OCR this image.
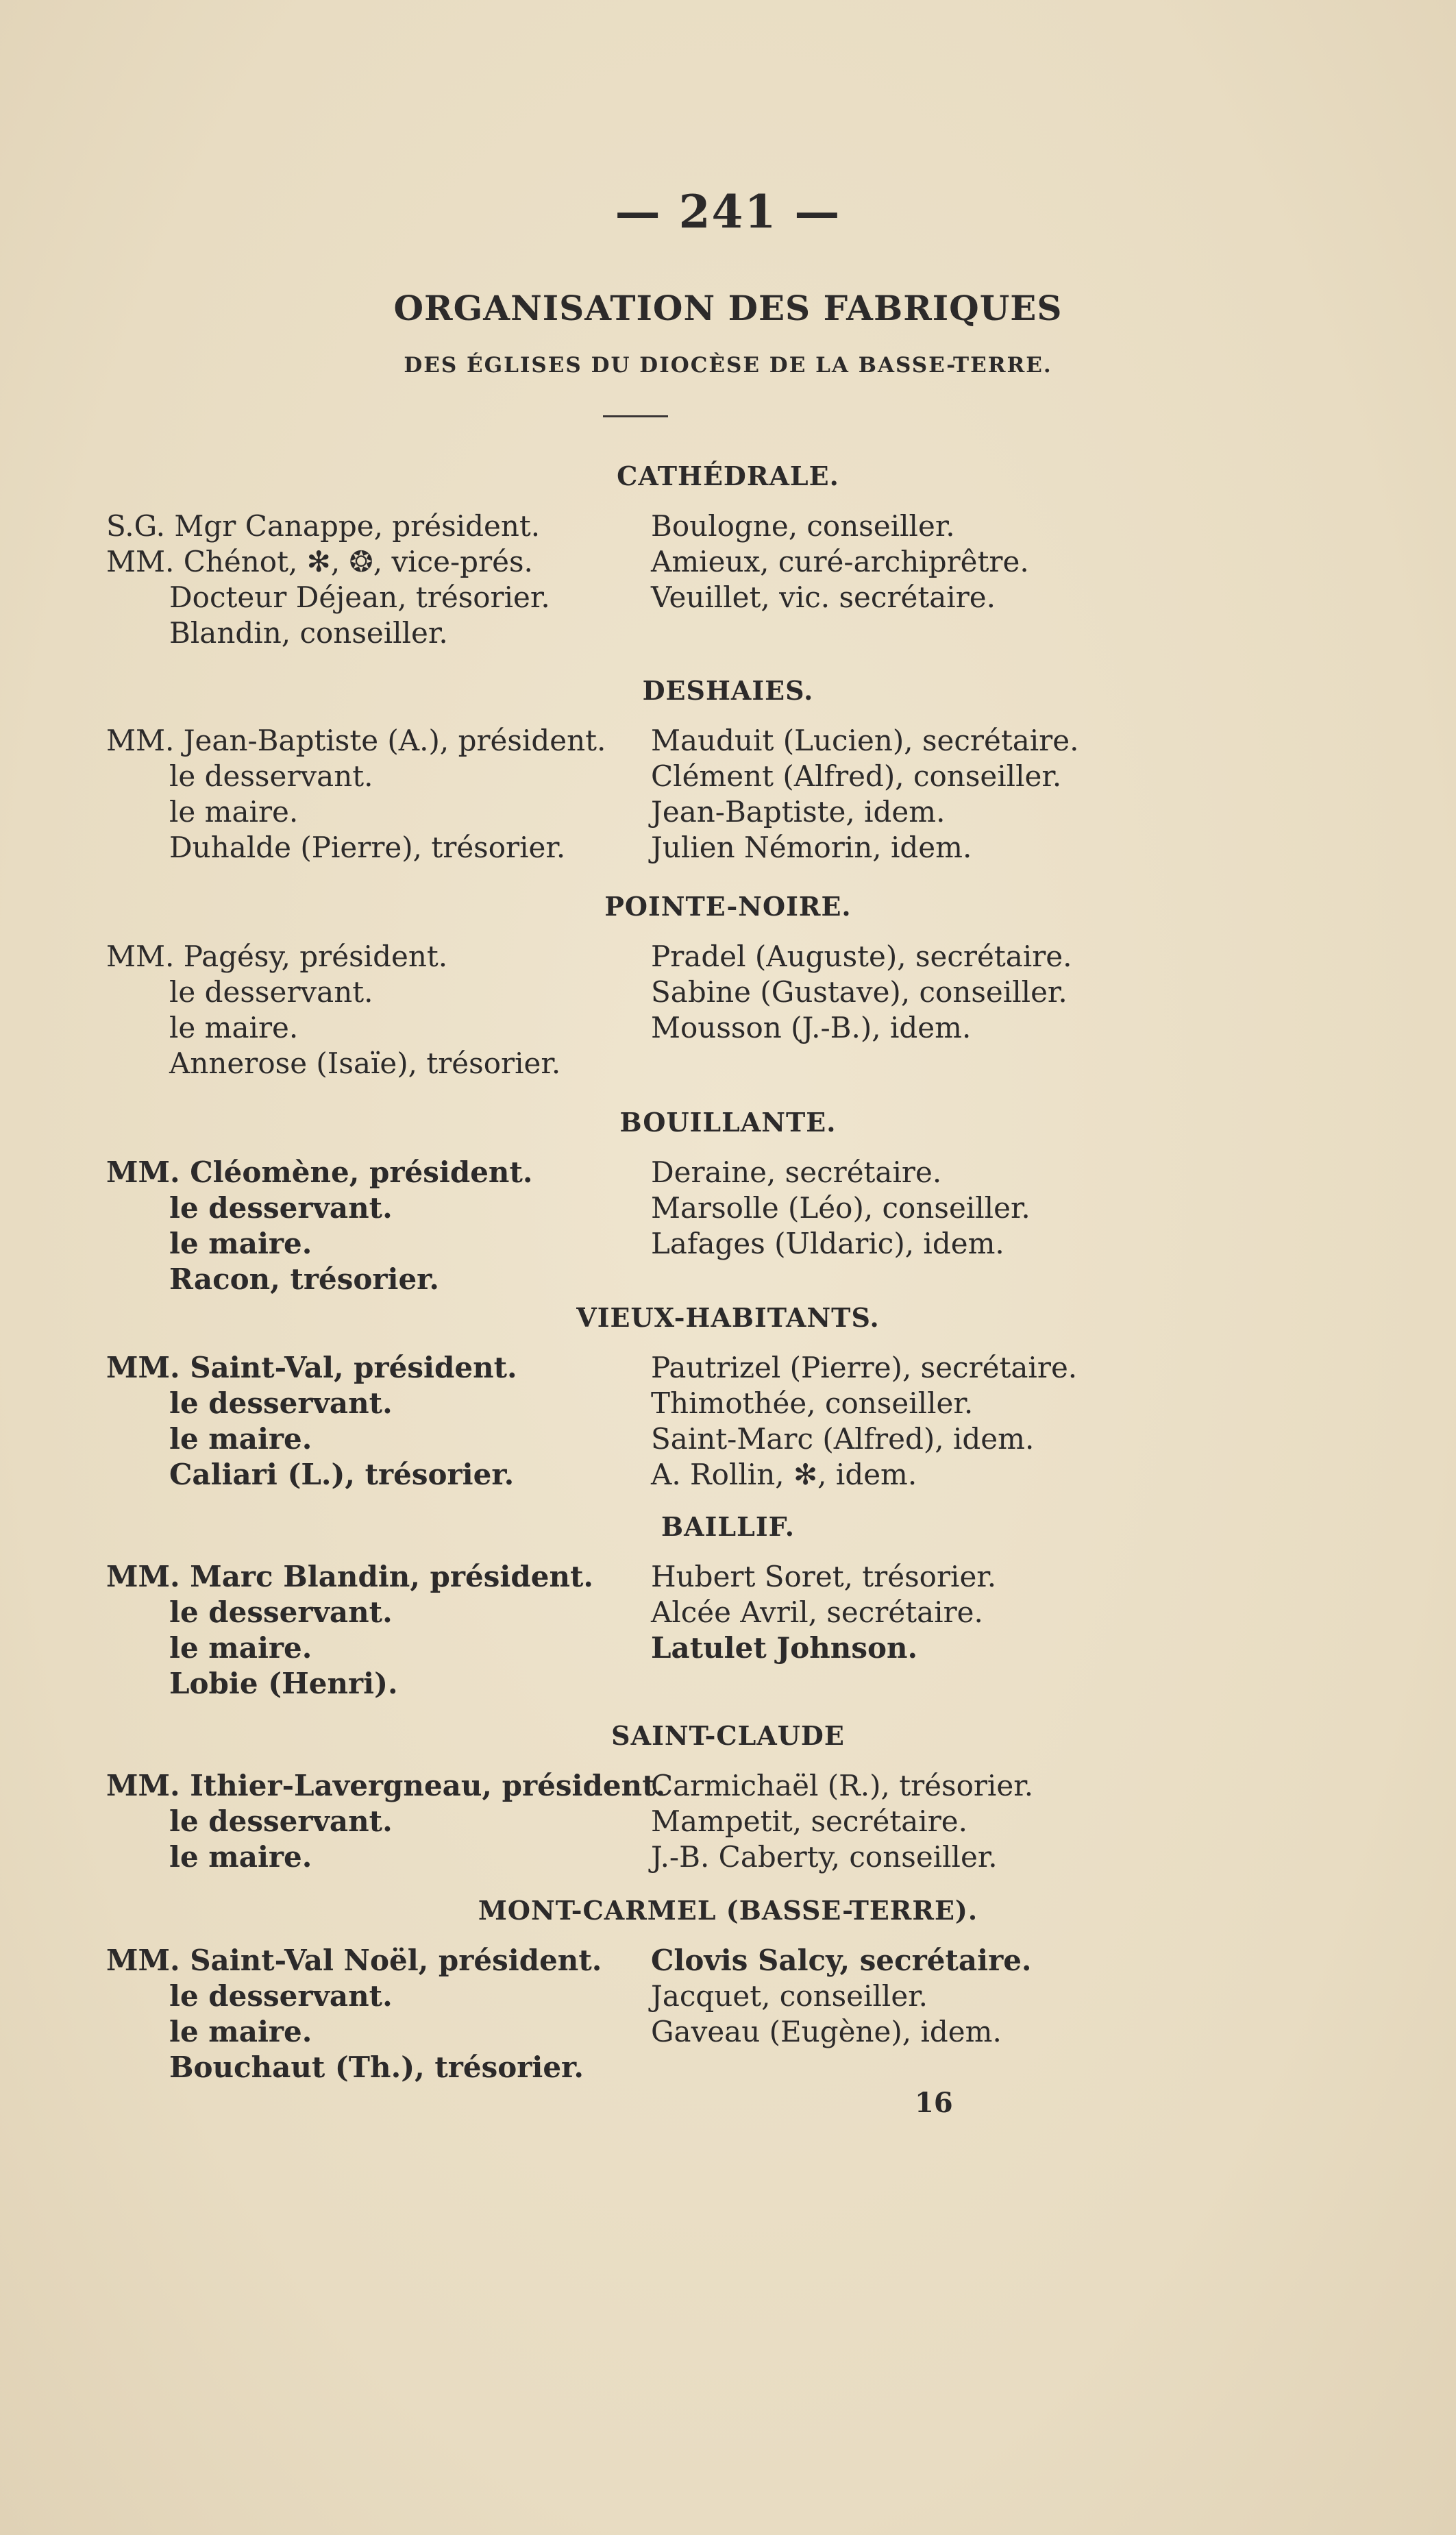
— 241 —
ORGANISATION DES FABRIQUES
DES ÉGLISES DU DIOCÈSE DE LA BASSE-TERRE.
CATHÉDRALE.
S.G. Mgr Canappe, président.
MM. Chénot, ✻, ❂, vice-prés.
Docteur Déjean, trésorier.
Blandin, conseiller.
Boulogne, conseiller.
Amieux, curé-archiprêtre.
Veuillet, vic. secrétaire.
DESHAIES.
MM. Jean-Baptiste (A.), président.
le desservant.
le maire.
Duhalde (Pierre), trésorier.
Mauduit (Lucien), secrétaire.
Clément (Alfred), conseiller.
Jean-Baptiste, idem.
Julien Némorin, idem.
POINTE-NOIRE.
MM. Pagésy, président.
le desservant.
le maire.
Annerose (Isaïe), trésorier.
Pradel (Auguste), secrétaire.
Sabine (Gustave), conseiller.
Mousson (J.-B.), idem.
BOUILLANTE.
MM. Cléomène, président.
le desservant.
le maire.
Racon, trésorier.
Deraine, secrétaire.
Marsolle (Léo), conseiller.
Lafages (Uldaric), idem.
VIEUX-HABITANTS.
MM. Saint-Val, président.
le desservant.
le maire.
Caliari (L.), trésorier.
Pautrizel (Pierre), secrétaire.
Thimothée, conseiller.
Saint-Marc (Alfred), idem.
A. Rollin, ✻, idem.
BAILLIF.
MM. Marc Blandin, président.
le desservant.
le maire.
Lobie (Henri).
Hubert Soret, trésorier.
Alcée Avril, secrétaire.
Latulet Johnson.
SAINT-CLAUDE
MM. Ithier-Lavergneau, président.
le desservant.
le maire.
Carmichaël (R.), trésorier.
Mampetit, secrétaire.
J.-B. Caberty, conseiller.
MONT-CARMEL (BASSE-TERRE).
MM. Saint-Val Noël, président.
le desservant.
le maire.
Bouchaut (Th.), trésorier.
Clovis Salcy, secrétaire.
Jacquet, conseiller.
Gaveau (Eugène), idem.
16
